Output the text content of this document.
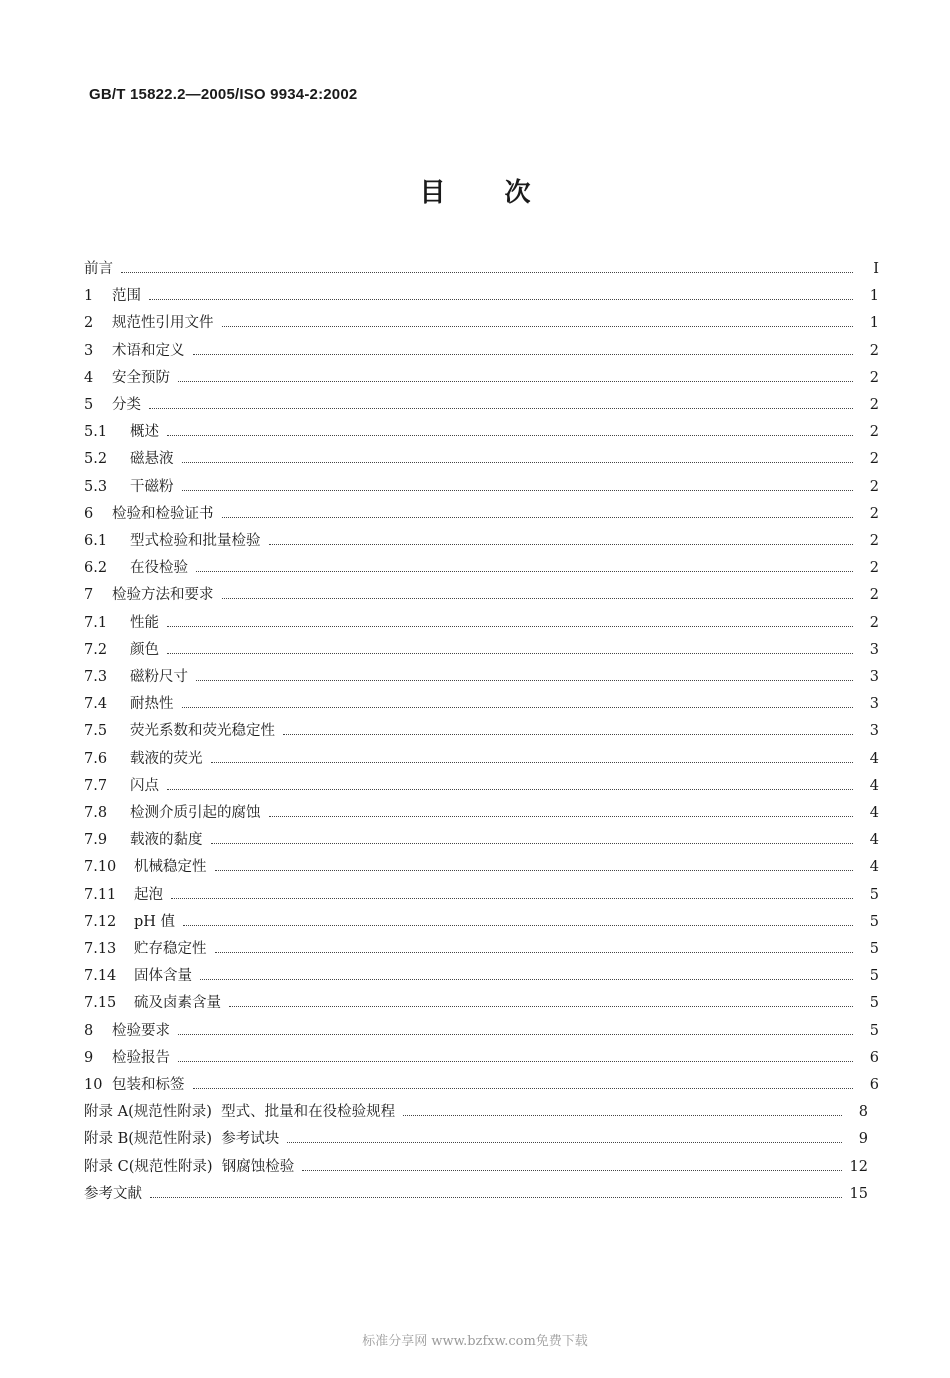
GB/T 15822.2—2005/ISO 9934-2:2002
目 次
前言	I
1	范围	1
2	规范性引用文件	1
3	术语和定义	2
4	安全预防	2
5	分类	2
5.1	概述	2
5.2	磁悬液	2
5.3	干磁粉	2
6	检验和检验证书	2
6.1	型式检验和批量检验	2
6.2	在役检验	2
7	检验方法和要求	2
7.1	性能	2
7.2	颜色	3
7.3	磁粉尺寸	3
7.4	耐热性	3
7.5	荧光系数和荧光稳定性	3
7.6	载液的荧光	4
7.7	闪点	4
7.8	检测介质引起的腐蚀	4
7.9	载液的黏度	4
7.10	机械稳定性	4
7.11	起泡	5
7.12	pH 值	5
7.13	贮存稳定性	5
7.14	固体含量	5
7.15	硫及卤素含量	5
8	检验要求	5
9	检验报告	6
10 包装和标签	6
附录 A(规范性附录)  型式、批量和在役检验规程	8
附录 B(规范性附录)  参考试块	9
附录 C(规范性附录)  钢腐蚀检验	12
参考文献	15
标准分享网 www.bzfxw.com免费下载
